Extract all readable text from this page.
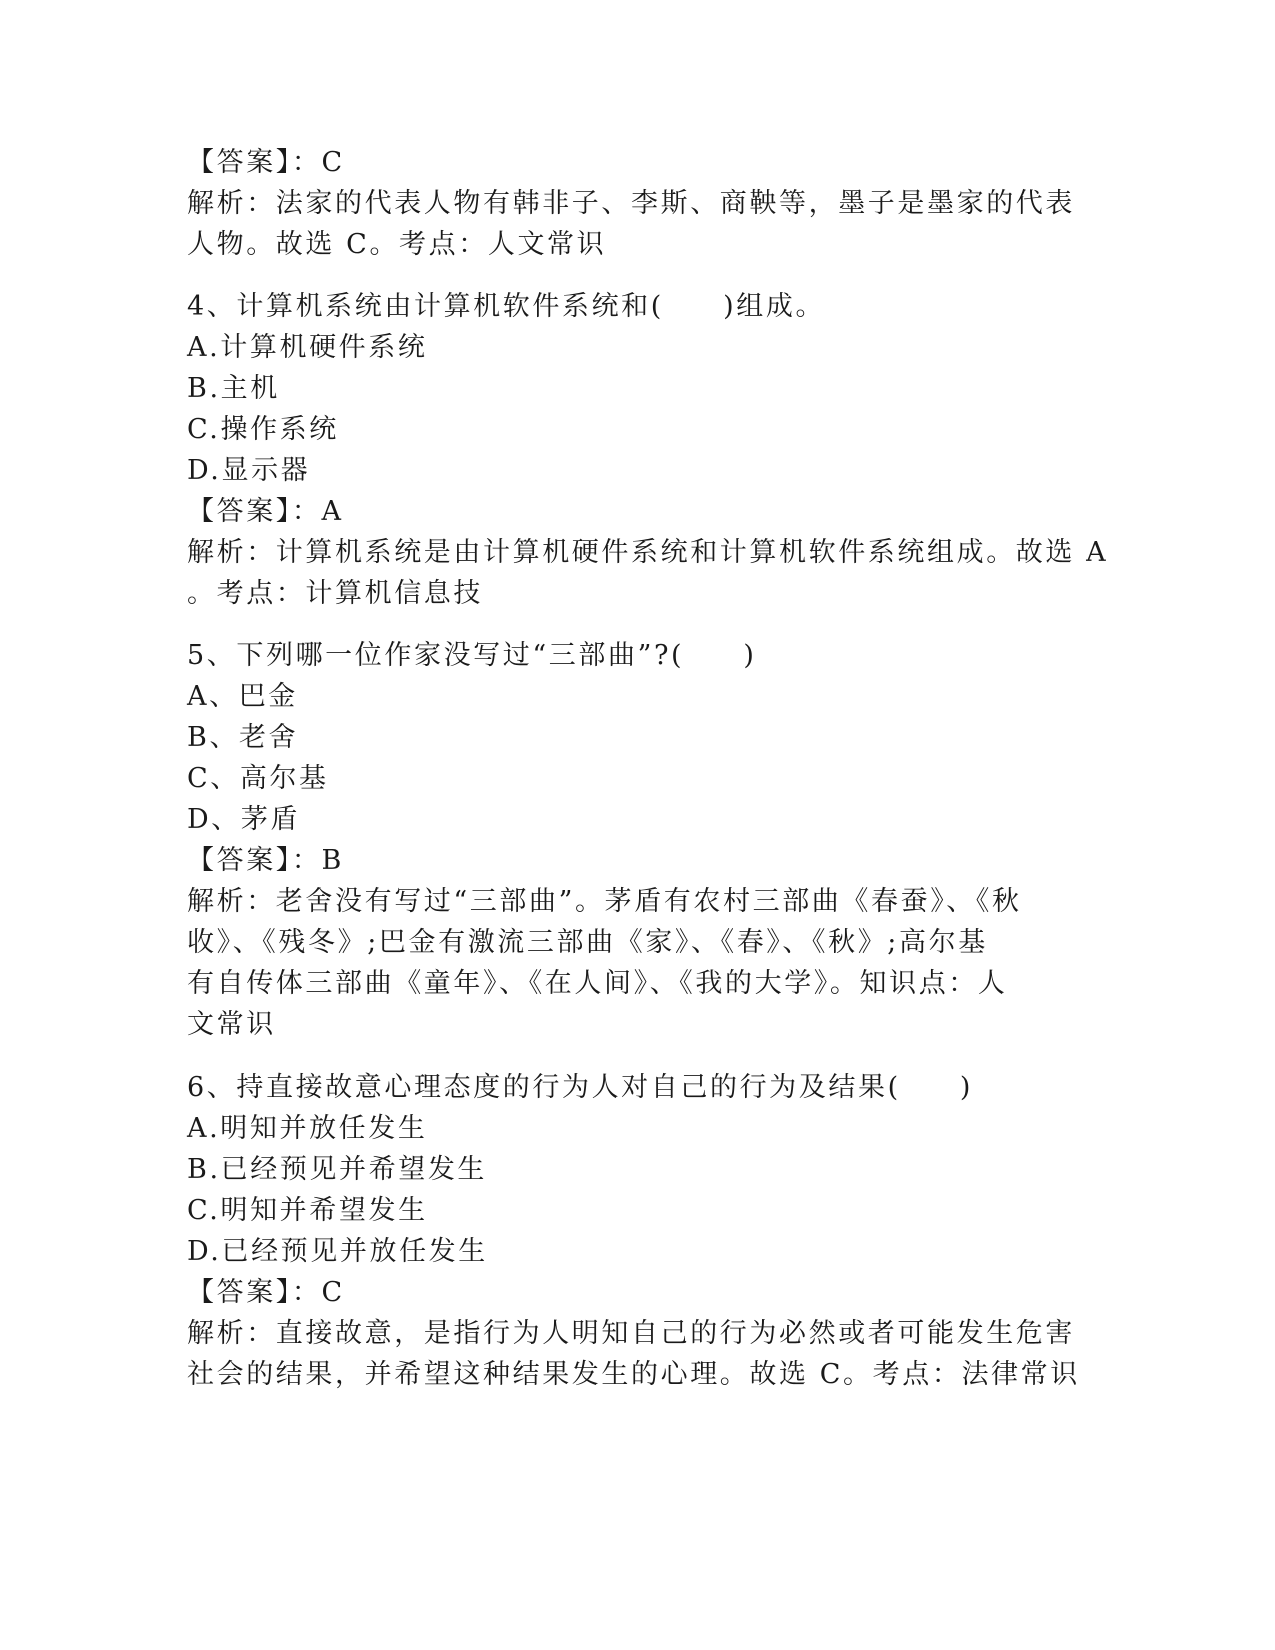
【答案】：C
解析：法家的代表人物有韩非子、李斯、商鞅等，墨子是墨家的代表
人物。故选 C。考点：人文常识
4、计算机系统由计算机软件系统和(　　)组成。
A.计算机硬件系统
B.主机
C.操作系统
D.显示器
【答案】：A
解析：计算机系统是由计算机硬件系统和计算机软件系统组成。故选 A
。考点：计算机信息技
5、下列哪一位作家没写过“三部曲”?(　　)
A、巴金
B、老舍
C、高尔基
D、茅盾
【答案】：B
解析：老舍没有写过“三部曲”。茅盾有农村三部曲《春蚕》、《秋
收》、《残冬》;巴金有激流三部曲《家》、《春》、《秋》;高尔基
有自传体三部曲《童年》、《在人间》、《我的大学》。知识点：人
文常识
6、持直接故意心理态度的行为人对自己的行为及结果(　　)
A.明知并放任发生
B.已经预见并希望发生
C.明知并希望发生
D.已经预见并放任发生
【答案】：C
解析：直接故意，是指行为人明知自己的行为必然或者可能发生危害
社会的结果，并希望这种结果发生的心理。故选 C。考点：法律常识
